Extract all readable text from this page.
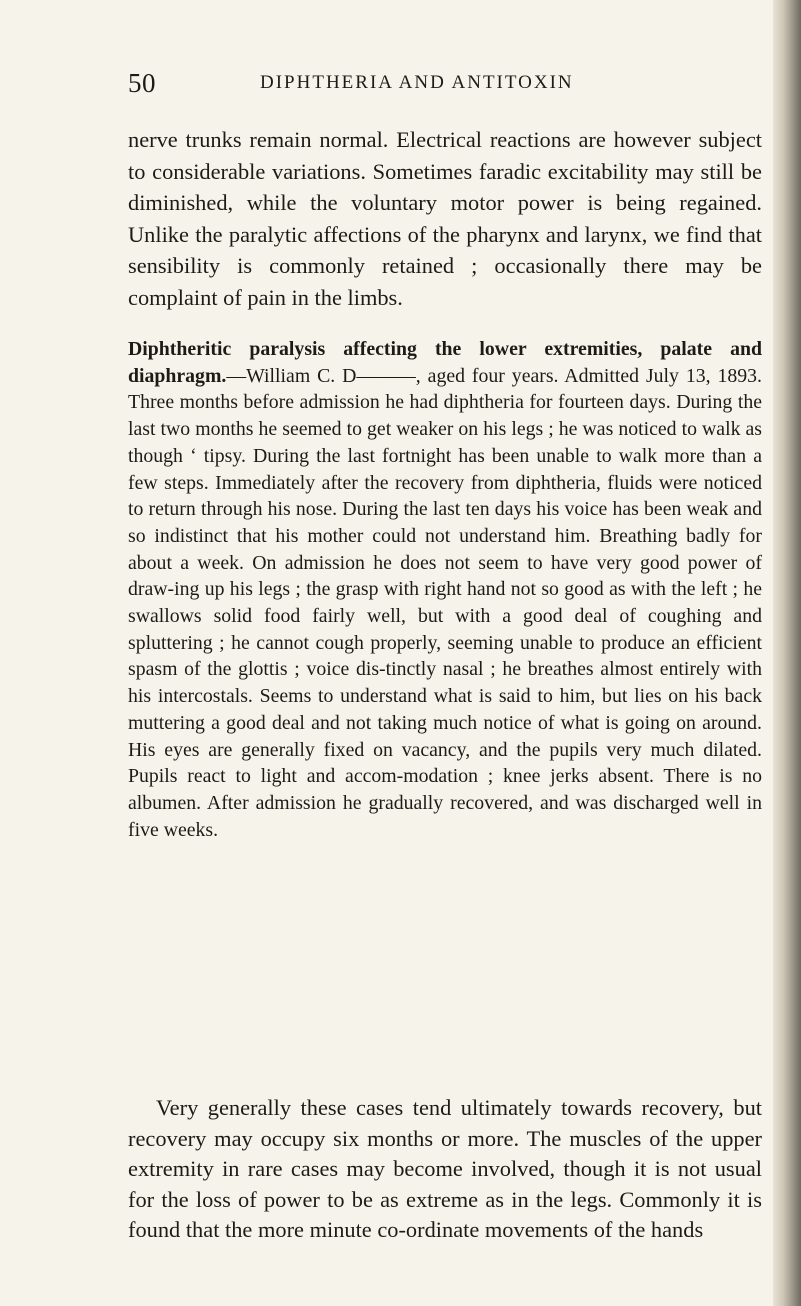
50	DIPHTHERIA AND ANTITOXIN

nerve trunks remain normal. Electrical reactions are however subject to considerable variations. Sometimes faradic excitability may still be diminished, while the voluntary motor power is being regained. Unlike the paralytic affections of the pharynx and larynx, we find that sensibility is commonly retained ; occasionally there may be complaint of pain in the limbs.

Diphtheritic paralysis affecting the lower extremities, palate and diaphragm.—William C. D———, aged four years. Admitted July 13, 1893. Three months before admission he had diphtheria for fourteen days. During the last two months he seemed to get weaker on his legs ; he was noticed to walk as though ‘ tipsy. During the last fortnight has been unable to walk more than a few steps. Immediately after the recovery from diphtheria, fluids were noticed to return through his nose. During the last ten days his voice has been weak and so indistinct that his mother could not understand him. Breathing badly for about a week. On admission he does not seem to have very good power of draw-ing up his legs ; the grasp with right hand not so good as with the left ; he swallows solid food fairly well, but with a good deal of coughing and spluttering ; he cannot cough properly, seeming unable to produce an efficient spasm of the glottis ; voice dis-tinctly nasal ; he breathes almost entirely with his intercostals. Seems to understand what is said to him, but lies on his back muttering a good deal and not taking much notice of what is going on around. His eyes are generally fixed on vacancy, and the pupils very much dilated. Pupils react to light and accom-modation ; knee jerks absent. There is no albumen. After admission he gradually recovered, and was discharged well in five weeks.

Very generally these cases tend ultimately towards recovery, but recovery may occupy six months or more. The muscles of the upper extremity in rare cases may become involved, though it is not usual for the loss of power to be as extreme as in the legs. Commonly it is found that the more minute co-ordinate movements of the hands
